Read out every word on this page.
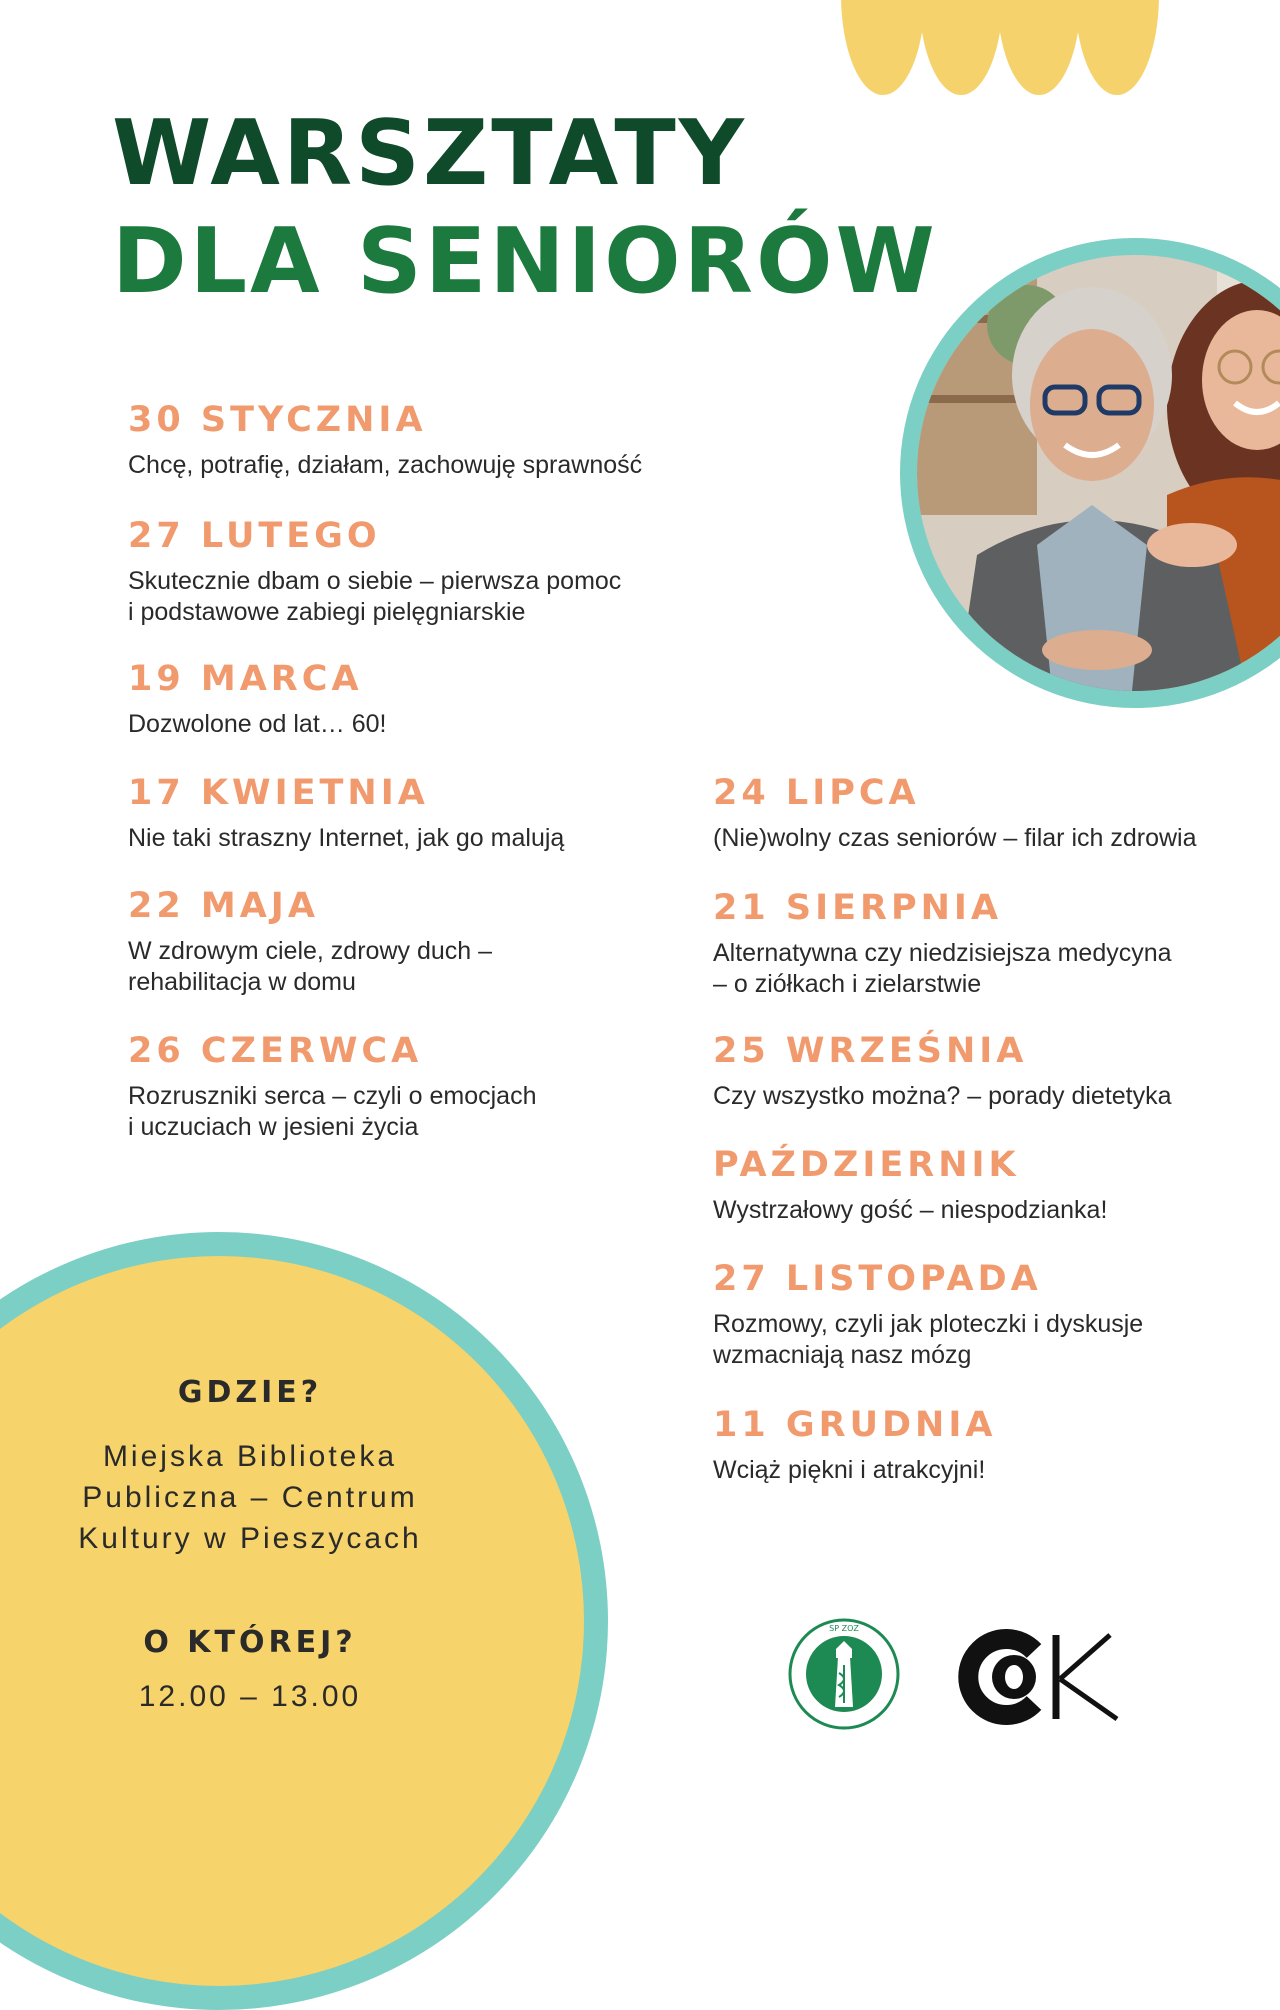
WARSZTATY
DLA SENIORÓW
30 STYCZNIA
Chcę, potrafię, działam, zachowuję sprawność
27 LUTEGO
Skutecznie dbam o siebie – pierwsza pomoc
i podstawowe zabiegi pielęgniarskie
19 MARCA
Dozwolone od lat… 60!
17 KWIETNIA
Nie taki straszny Internet, jak go malują
22 MAJA
W zdrowym ciele, zdrowy duch –
rehabilitacja w domu
26 CZERWCA
Rozruszniki serca – czyli o emocjach
i uczuciach w jesieni życia
24 LIPCA
(Nie)wolny czas seniorów – filar ich zdrowia
21 SIERPNIA
Alternatywna czy niedzisiejsza medycyna
– o ziółkach i zielarstwie
25 WRZEŚNIA
Czy wszystko można? – porady dietetyka
PAŹDZIERNIK
Wystrzałowy gość – niespodzianka!
27 LISTOPADA
Rozmowy, czyli jak ploteczki i dyskusje
wzmacniają nasz mózg
11 GRUDNIA
Wciąż piękni i atrakcyjni!
GDZIE?
Miejska Biblioteka
Publiczna – Centrum
Kultury w Pieszycach
O KTÓREJ?
12.00 – 13.00
SP ZOZ
